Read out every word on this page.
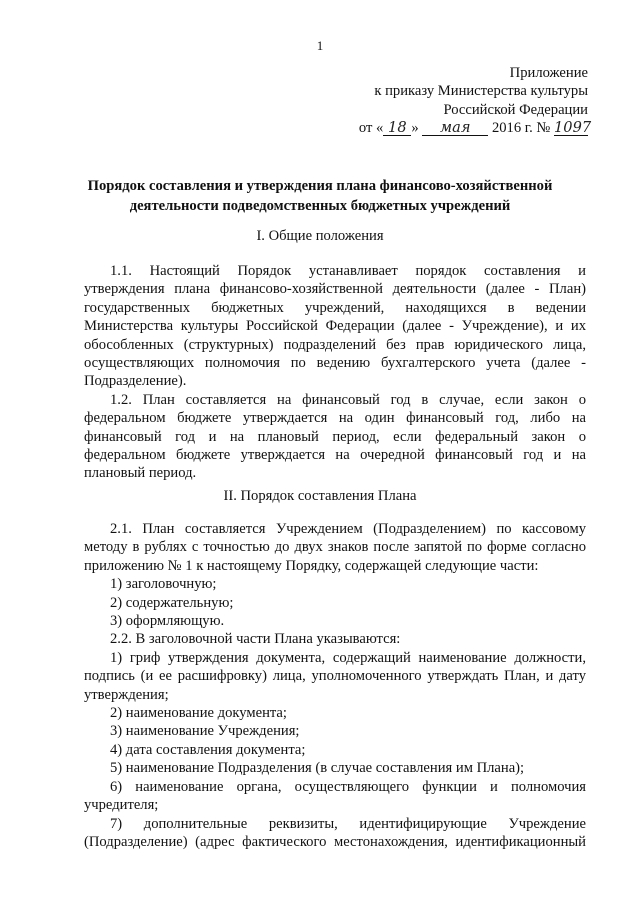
1
Приложение
к приказу Министерства культуры
Российской Федерации
от « 18 » мая 2016 г. № 1097
Порядок составления и утверждения плана финансово-хозяйственной
деятельности подведомственных бюджетных учреждений
I. Общие положения
1.1. Настоящий Порядок устанавливает порядок составления и
утверждения плана финансово-хозяйственной деятельности (далее - План)
государственных бюджетных учреждений, находящихся в ведении
Министерства культуры Российской Федерации (далее - Учреждение), и их
обособленных (структурных) подразделений без прав юридического лица,
осуществляющих полномочия по ведению бухгалтерского учета (далее -
Подразделение).
1.2. План составляется на финансовый год в случае, если закон о
федеральном бюджете утверждается на один финансовый год, либо на
финансовый год и на плановый период, если федеральный закон о
федеральном бюджете утверждается на очередной финансовый год и на
плановый период.
II. Порядок составления Плана
2.1. План составляется Учреждением (Подразделением) по кассовому
методу в рублях с точностью до двух знаков после запятой по форме согласно
приложению № 1 к настоящему Порядку, содержащей следующие части:
1) заголовочную;
2) содержательную;
3) оформляющую.
2.2. В заголовочной части Плана указываются:
1) гриф утверждения документа, содержащий наименование должности,
подпись (и ее расшифровку) лица, уполномоченного утверждать План, и дату
утверждения;
2) наименование документа;
3) наименование Учреждения;
4) дата составления документа;
5) наименование Подразделения (в случае составления им Плана);
6) наименование органа, осуществляющего функции и полномочия
учредителя;
7) дополнительные реквизиты, идентифицирующие Учреждение
(Подразделение) (адрес фактического местонахождения, идентификационный
